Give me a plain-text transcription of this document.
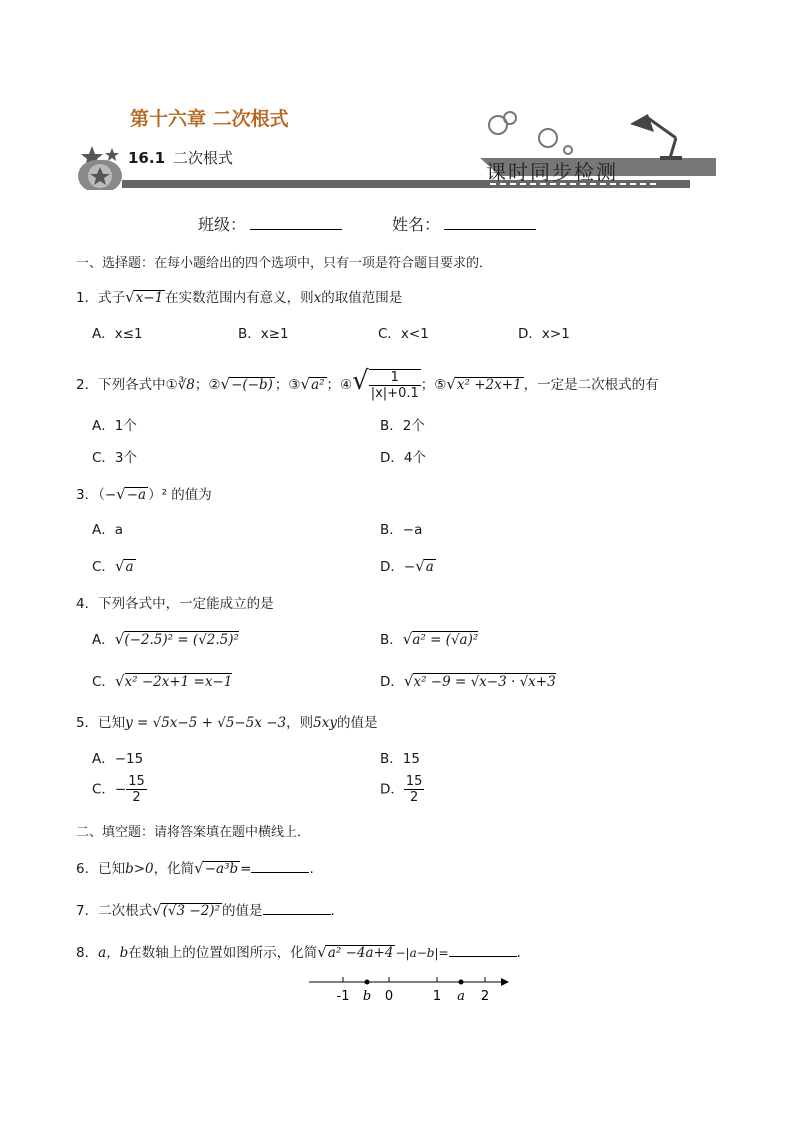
第十六章 二次根式
16.1 二次根式
课时同步检测
班级：	姓名：
一、选择题：在每小题给出的四个选项中，只有一项是符合题目要求的．
1．式子√x−1 在实数范围内有意义，则x的取值范围是
A．x≤1	B．x≥1	C．x<1	D．x>1
2．下列各式中①∛8；②√−(−b) ；③√a² ；④√ $\frac{1}{|x|+0.1}$ ；⑤√x² +2x+1 ，一定是二次根式的有
A．1个	B．2个
C．3个	D．4个
3．（−√−a ）² 的值为
A．a	B．−a
C．√a	D．−√a
4．下列各式中，一定能成立的是
A．√(−2.5)² = (√2.5)²	B．√a² = (√a)²
C．√x² −2x+1 =x−1	D．√x² −9 = √x−3 · √x+3
5．已知y = √5x−5 + √5−5x −3，则5xy的值是
A．−15	B．15
C．− $\frac{15}{2}$	D． $\frac{15}{2}$
二、填空题：请将答案填在题中横线上．
6．已知b>0，化简√−a³b =	.
7．二次根式√(√3 −2)² 的值是	.
8．a，b在数轴上的位置如图所示，化简√a² −4a+4 −|a−b|=	.
-1	0	1	2
b	a
